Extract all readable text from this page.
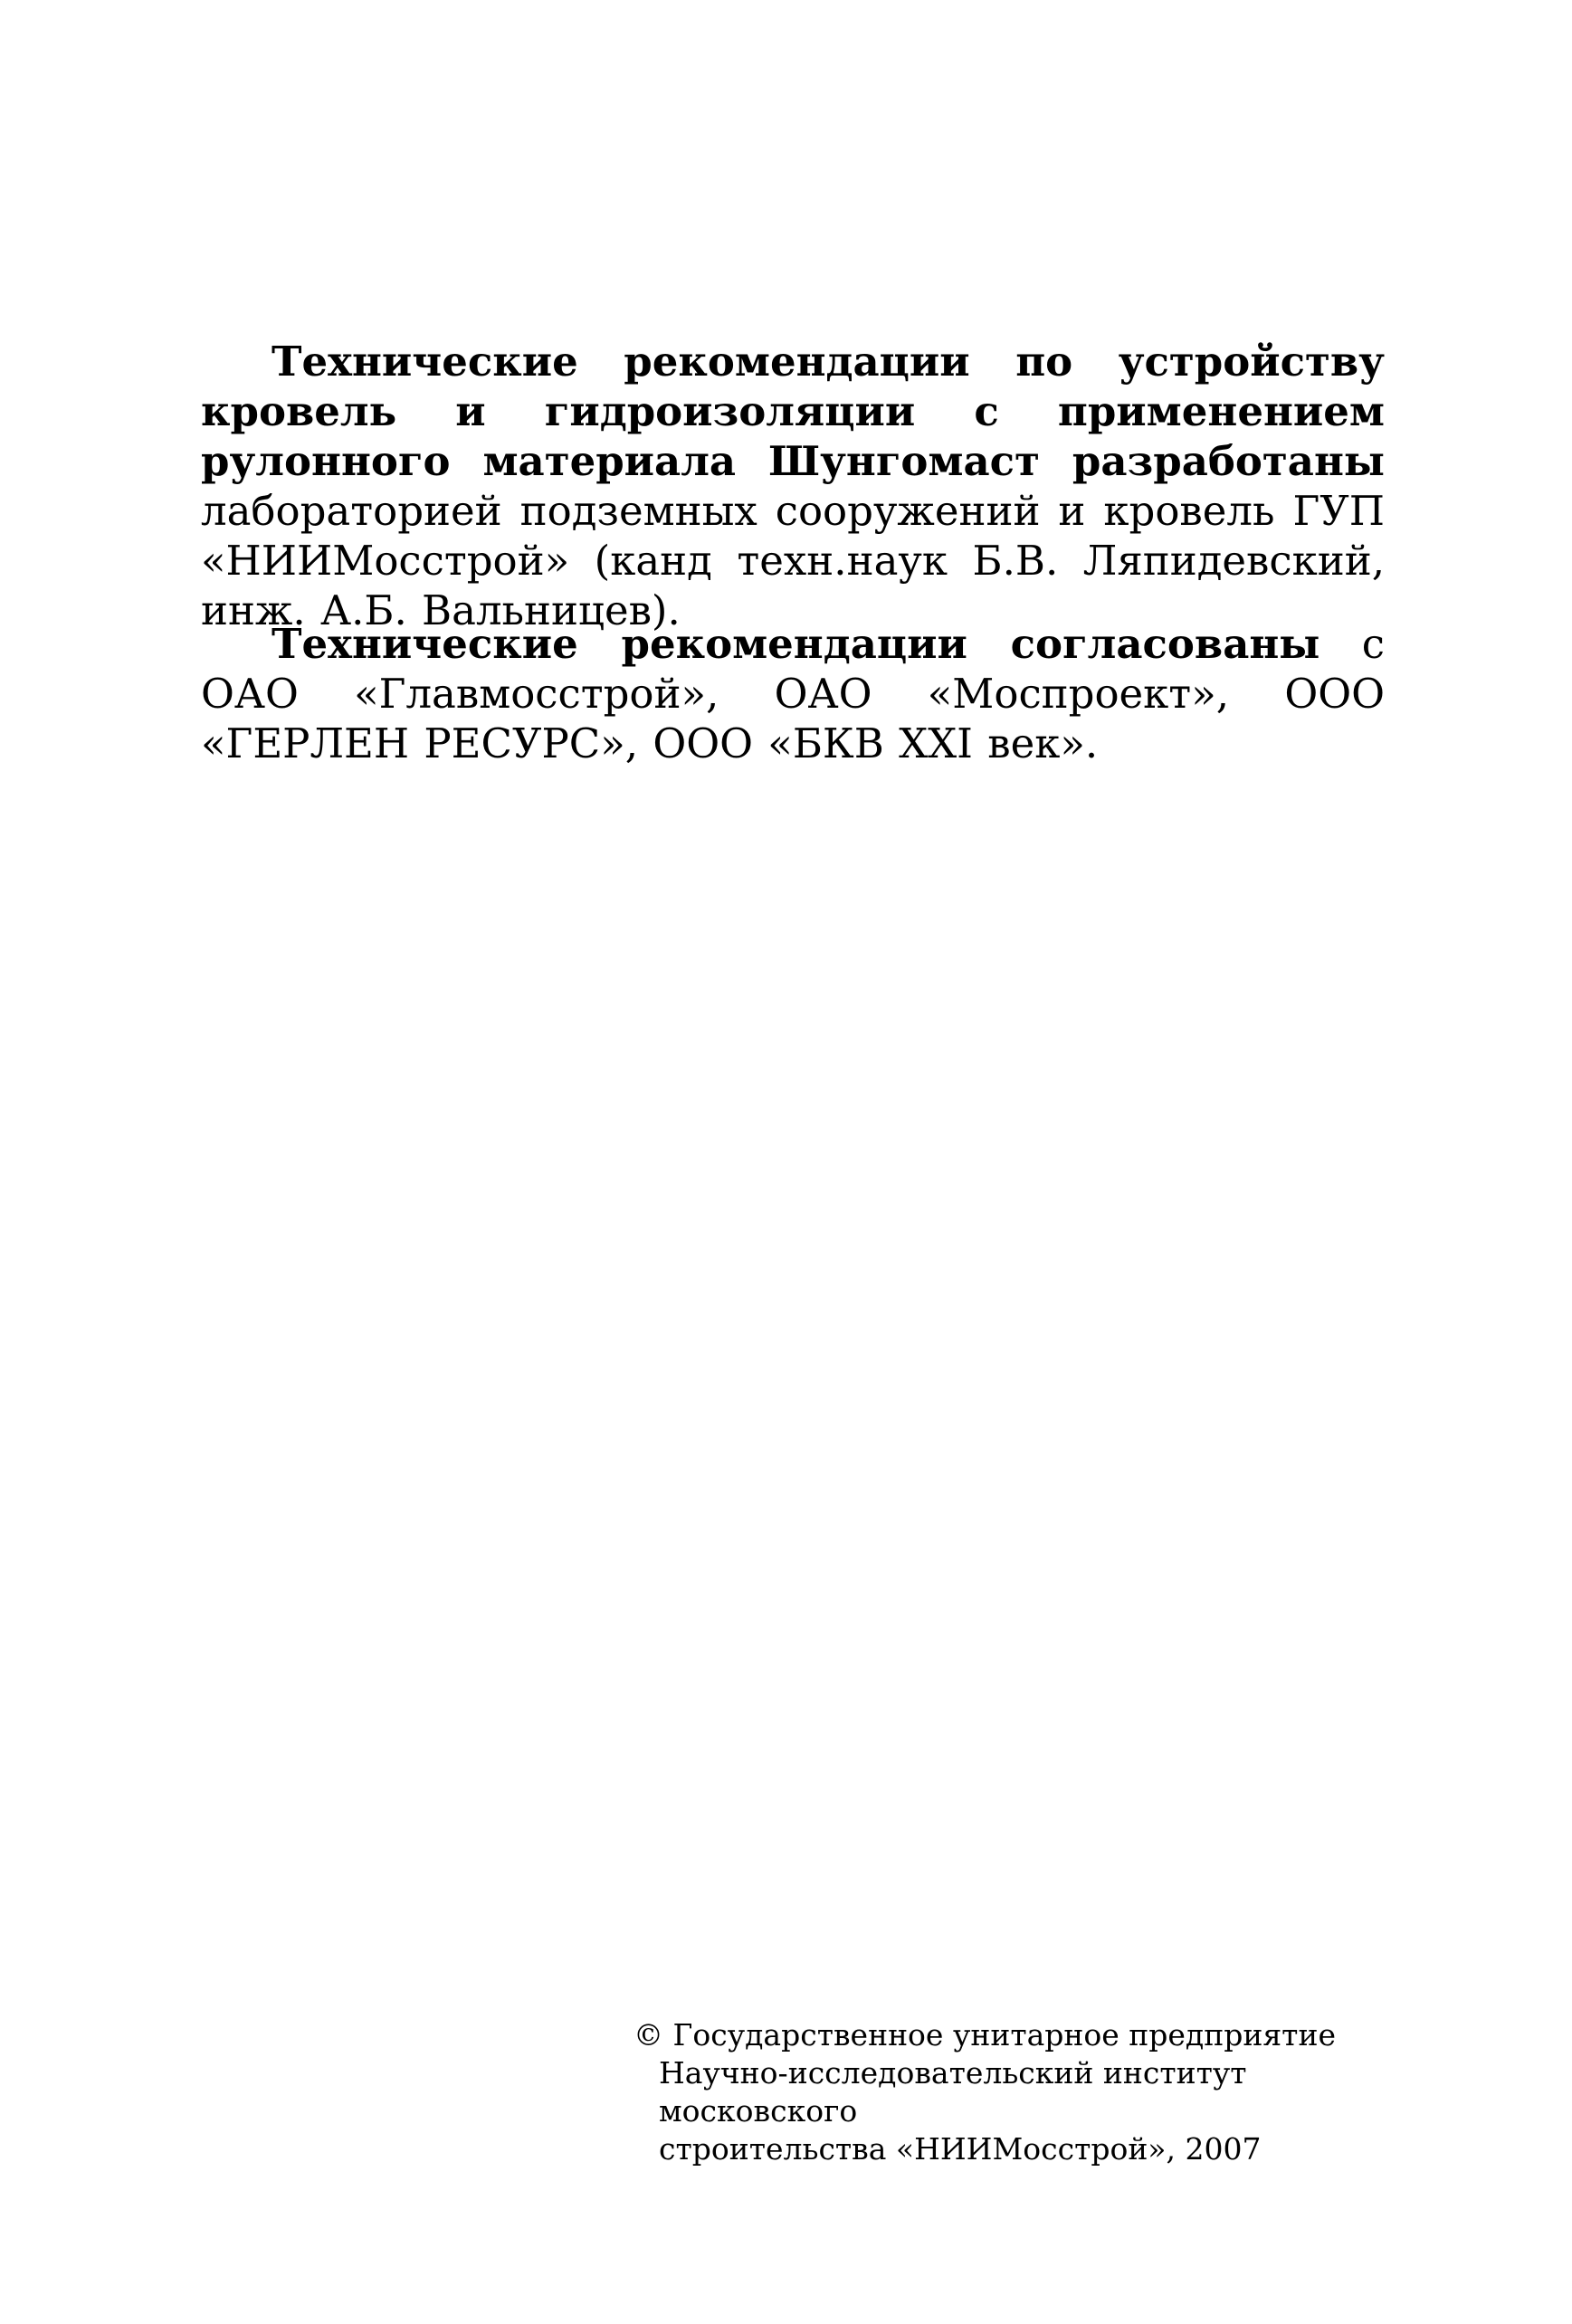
Технические рекомендации по устройству кровель и гидроизоляции с применением рулонного материала Шунгомаст разработаны лабораторией подземных сооружений и кровель ГУП «НИИМосстрой» (канд техн.наук Б.В. Ляпидевский, инж. А.Б. Вальницев).

Технические рекомендации согласованы с ОАО «Главмосстрой», ОАО «Моспроект», ООО «ГЕРЛЕН РЕСУРС», ООО «БКВ XXI век».

© Государственное унитарное предприятие
Научно-исследовательский институт московского
строительства «НИИМосстрой», 2007
